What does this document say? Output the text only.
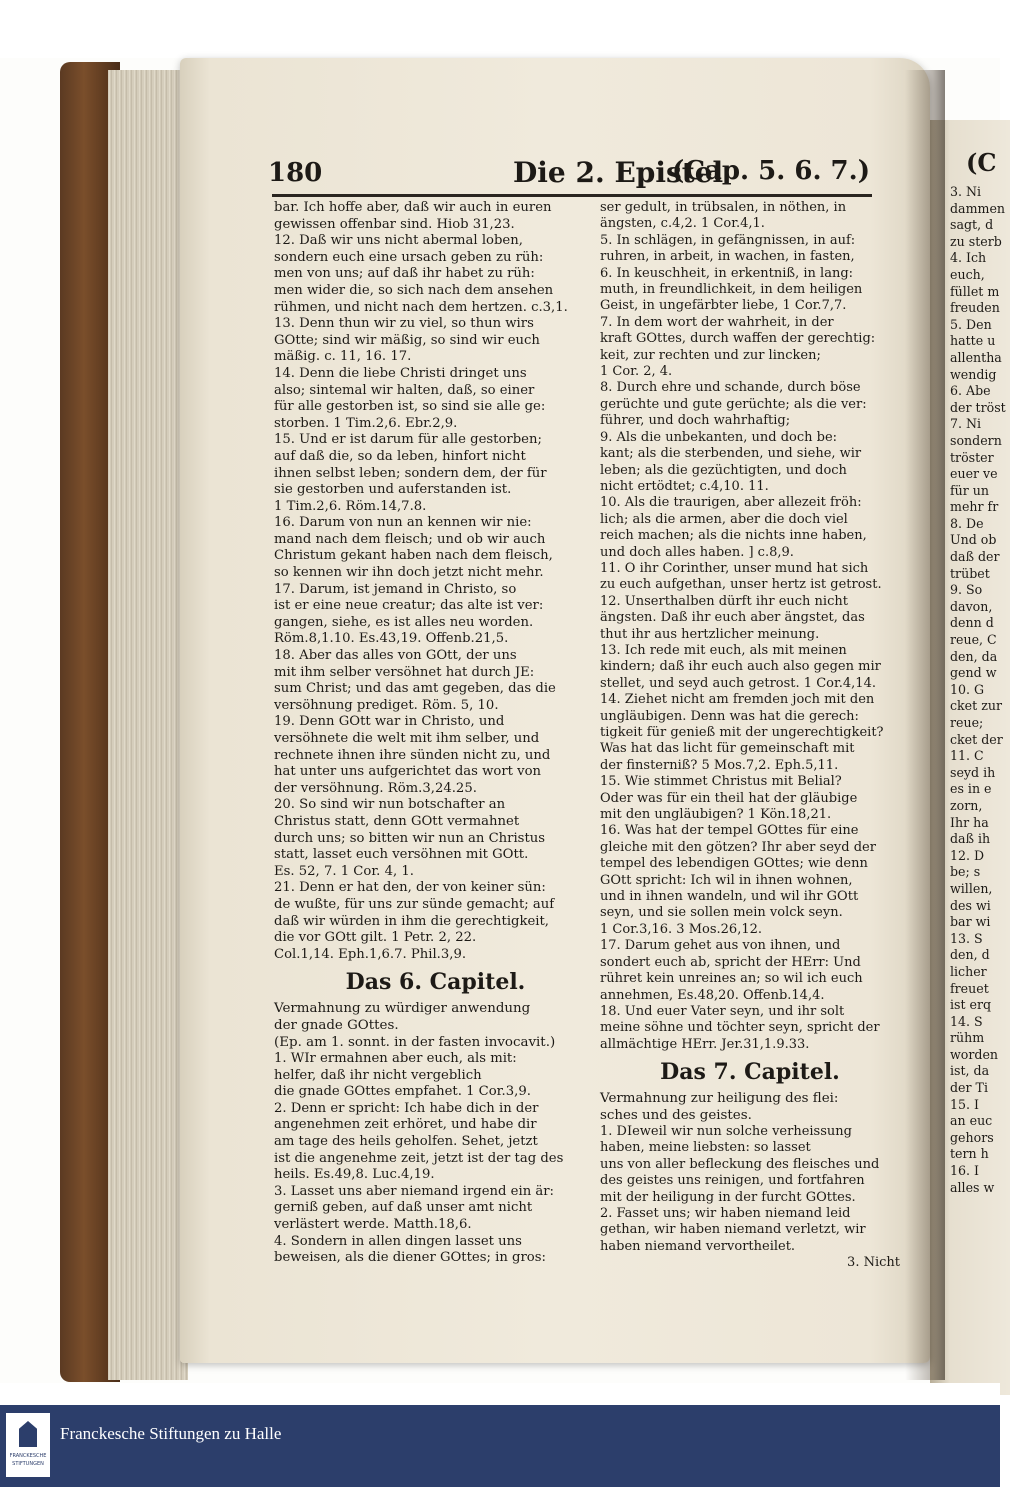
180	Die 2. Epistel
(Cap. 5. 6. 7.)
bar. Ich hoffe aber, daß wir auch in euren
gewissen offenbar sind. Hiob 31,23.
12. Daß wir uns nicht abermal loben,
sondern euch eine ursach geben zu rüh:
men von uns; auf daß ihr habet zu rüh:
men wider die, so sich nach dem ansehen
rühmen, und nicht nach dem hertzen. c.3,1.
13. Denn thun wir zu viel, so thun wirs
GOtte; sind wir mäßig, so sind wir euch
mäßig. c. 11, 16. 17.
14. Denn die liebe Christi dringet uns
also; sintemal wir halten, daß, so einer
für alle gestorben ist, so sind sie alle ge:
storben. 1 Tim.2,6. Ebr.2,9.
15. Und er ist darum für alle gestorben;
auf daß die, so da leben, hinfort nicht
ihnen selbst leben; sondern dem, der für
sie gestorben und auferstanden ist.
1 Tim.2,6. Röm.14,7.8.
16. Darum von nun an kennen wir nie:
mand nach dem fleisch; und ob wir auch
Christum gekant haben nach dem fleisch,
so kennen wir ihn doch jetzt nicht mehr.
17. Darum, ist jemand in Christo, so
ist er eine neue creatur; das alte ist ver:
gangen, siehe, es ist alles neu worden.
Röm.8,1.10. Es.43,19. Offenb.21,5.
18. Aber das alles von GOtt, der uns
mit ihm selber versöhnet hat durch JE:
sum Christ; und das amt gegeben, das die
versöhnung prediget. Röm. 5, 10.
19. Denn GOtt war in Christo, und
versöhnete die welt mit ihm selber, und
rechnete ihnen ihre sünden nicht zu, und
hat unter uns aufgerichtet das wort von
der versöhnung. Röm.3,24.25.
20. So sind wir nun botschafter an
Christus statt, denn GOtt vermahnet
durch uns; so bitten wir nun an Christus
statt, lasset euch versöhnen mit GOtt.
Es. 52, 7. 1 Cor. 4, 1.
21. Denn er hat den, der von keiner sün:
de wußte, für uns zur sünde gemacht; auf
daß wir würden in ihm die gerechtigkeit,
die vor GOtt gilt. 1 Petr. 2, 22.
Col.1,14. Eph.1,6.7. Phil.3,9.
Das 6. Capitel.
Vermahnung zu würdiger anwendung
der gnade GOttes.
(Ep. am 1. sonnt. in der fasten invocavit.)
1. WIr ermahnen aber euch, als mit:
helfer, daß ihr nicht vergeblich
die gnade GOttes empfahet. 1 Cor.3,9.
2. Denn er spricht: Ich habe dich in der
angenehmen zeit erhöret, und habe dir
am tage des heils geholfen. Sehet, jetzt
ist die angenehme zeit, jetzt ist der tag des
heils. Es.49,8. Luc.4,19.
3. Lasset uns aber niemand irgend ein är:
gerniß geben, auf daß unser amt nicht
verlästert werde. Matth.18,6.
4. Sondern in allen dingen lasset uns
beweisen, als die diener GOttes; in gros:
ser gedult, in trübsalen, in nöthen, in
ängsten, c.4,2. 1 Cor.4,1.
5. In schlägen, in gefängnissen, in auf:
ruhren, in arbeit, in wachen, in fasten,
6. In keuschheit, in erkentniß, in lang:
muth, in freundlichkeit, in dem heiligen
Geist, in ungefärbter liebe, 1 Cor.7,7.
7. In dem wort der wahrheit, in der
kraft GOttes, durch waffen der gerechtig:
keit, zur rechten und zur lincken;
1 Cor. 2, 4.
8. Durch ehre und schande, durch böse
gerüchte und gute gerüchte; als die ver:
führer, und doch wahrhaftig;
9. Als die unbekanten, und doch be:
kant; als die sterbenden, und siehe, wir
leben; als die gezüchtigten, und doch
nicht ertödtet; c.4,10. 11.
10. Als die traurigen, aber allezeit fröh:
lich; als die armen, aber die doch viel
reich machen; als die nichts inne haben,
und doch alles haben. ] c.8,9.
11. O ihr Corinther, unser mund hat sich
zu euch aufgethan, unser hertz ist getrost.
12. Unserthalben dürft ihr euch nicht
ängsten. Daß ihr euch aber ängstet, das
thut ihr aus hertzlicher meinung.
13. Ich rede mit euch, als mit meinen
kindern; daß ihr euch auch also gegen mir
stellet, und seyd auch getrost. 1 Cor.4,14.
14. Ziehet nicht am fremden joch mit den
ungläubigen. Denn was hat die gerech:
tigkeit für genieß mit der ungerechtigkeit?
Was hat das licht für gemeinschaft mit
der finsterniß? 5 Mos.7,2. Eph.5,11.
15. Wie stimmet Christus mit Belial?
Oder was für ein theil hat der gläubige
mit den ungläubigen? 1 Kön.18,21.
16. Was hat der tempel GOttes für eine
gleiche mit den götzen? Ihr aber seyd der
tempel des lebendigen GOttes; wie denn
GOtt spricht: Ich wil in ihnen wohnen,
und in ihnen wandeln, und wil ihr GOtt
seyn, und sie sollen mein volck seyn.
1 Cor.3,16. 3 Mos.26,12.
17. Darum gehet aus von ihnen, und
sondert euch ab, spricht der HErr: Und
rühret kein unreines an; so wil ich euch
annehmen, Es.48,20. Offenb.14,4.
18. Und euer Vater seyn, und ihr solt
meine söhne und töchter seyn, spricht der
allmächtige HErr. Jer.31,1.9.33.
Das 7. Capitel.
Vermahnung zur heiligung des flei:
sches und des geistes.
1. DIeweil wir nun solche verheissung
haben, meine liebsten: so lasset
uns von aller befleckung des fleisches und
des geistes uns reinigen, und fortfahren
mit der heiligung in der furcht GOttes.
2. Fasset uns; wir haben niemand leid
gethan, wir haben niemand verletzt, wir
haben niemand vervortheilet.
3. Nicht
(C
3. Ni
dammen
sagt, d
zu sterb
4. Ich
euch,
füllet m
freuden
5. Den
hatte u
allentha
wendig
6. Abe
der tröst
7. Ni
sondern
tröster
euer ve
für un
mehr fr
8. De
Und ob
daß der
trübet
9. So
davon,
denn d
reue, C
den, da
gend w
10. G
cket zur
reue;
cket der
11. C
seyd ih
es in e
zorn,
Ihr ha
daß ih
12. D
be; s
willen,
des wi
bar wi
13. S
den, d
licher
freuet
ist erq
14. S
rühm
worden
ist, da
der Ti
15. I
an euc
gehors
tern h
16. I
alles w
FRANCKESCHE
STIFTUNGEN
Franckesche Stiftungen zu Halle
